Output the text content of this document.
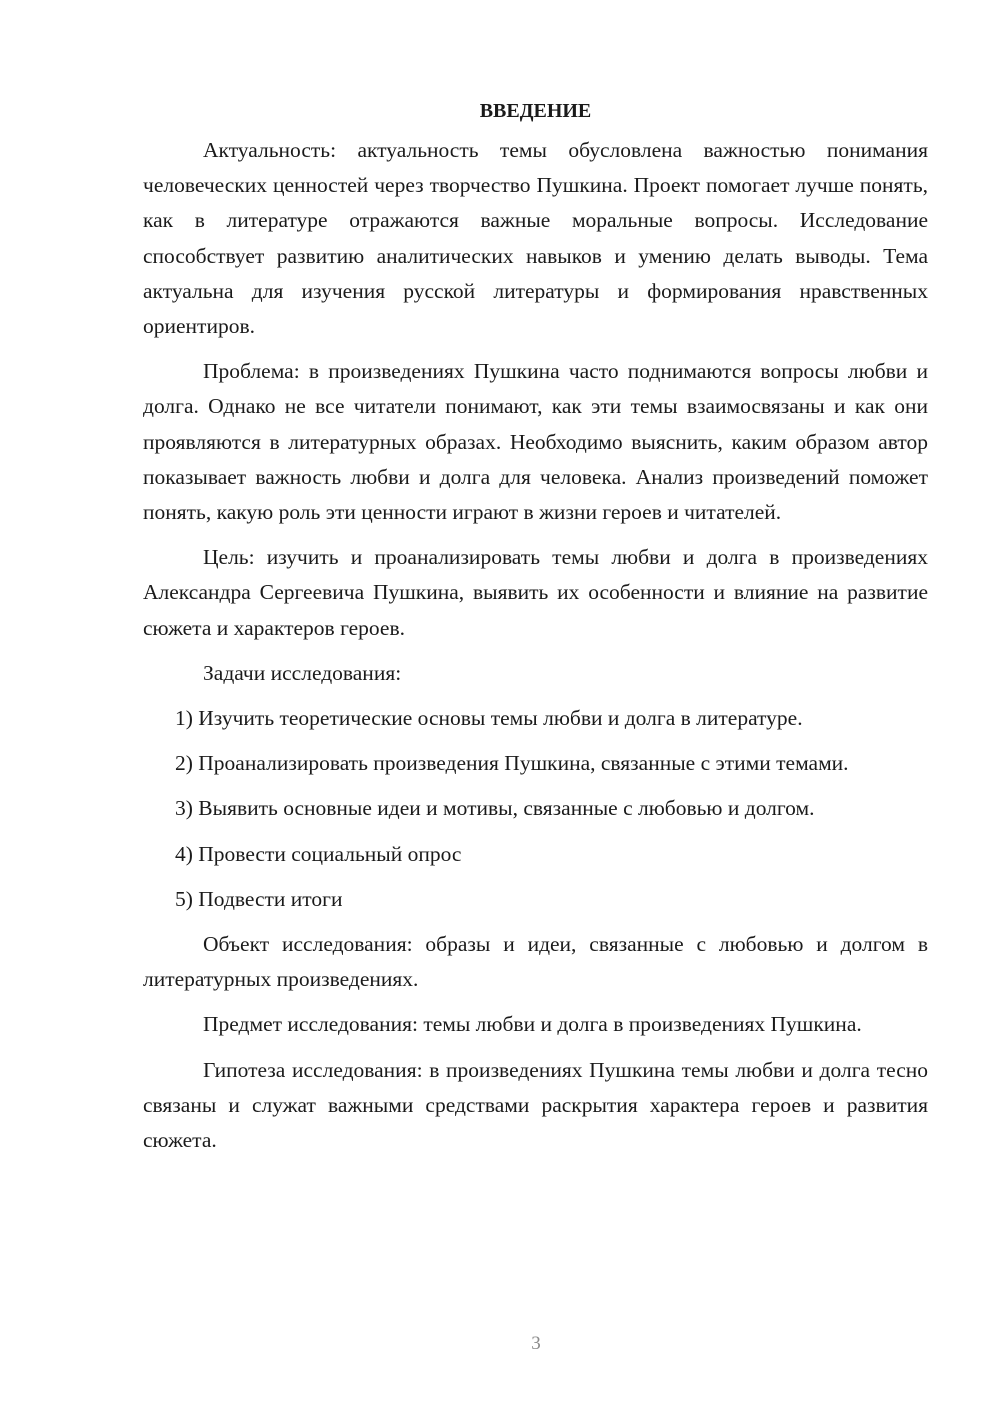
ВВЕДЕНИЕ

Актуальность: актуальность темы обусловлена важностью понимания человеческих ценностей через творчество Пушкина. Проект помогает лучше понять, как в литературе отражаются важные моральные вопросы. Исследование способствует развитию аналитических навыков и умению делать выводы. Тема актуальна для изучения русской литературы и формирования нравственных ориентиров.

Проблема: в произведениях Пушкина часто поднимаются вопросы любви и долга. Однако не все читатели понимают, как эти темы взаимосвязаны и как они проявляются в литературных образах. Необходимо выяснить, каким образом автор показывает важность любви и долга для человека. Анализ произведений поможет понять, какую роль эти ценности играют в жизни героев и читателей.

Цель: изучить и проанализировать темы любви и долга в произведениях Александра Сергеевича Пушкина, выявить их особенности и влияние на развитие сюжета и характеров героев.

Задачи исследования:

1) Изучить теоретические основы темы любви и долга в литературе.

2) Проанализировать произведения Пушкина, связанные с этими темами.

3) Выявить основные идеи и мотивы, связанные с любовью и долгом.

4) Провести социальный опрос

5) Подвести итоги

Объект исследования: образы и идеи, связанные с любовью и долгом в литературных произведениях.

Предмет исследования: темы любви и долга в произведениях Пушкина.

Гипотеза исследования: в произведениях Пушкина темы любви и долга тесно связаны и служат важными средствами раскрытия характера героев и развития сюжета.

3
